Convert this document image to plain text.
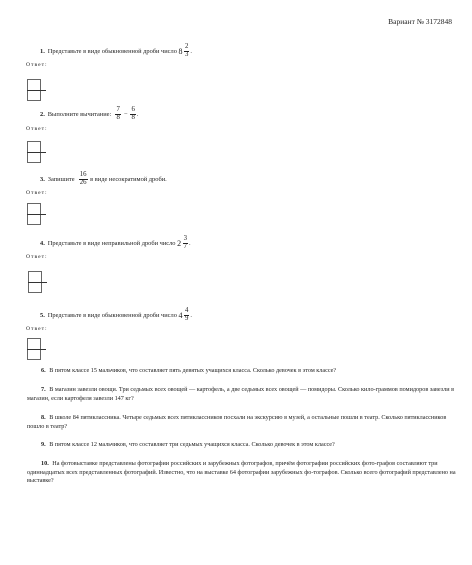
Вариант № 3172848
1. Представьте в виде обыкновенной дроби число
$8 \frac{2}{3}$ .
Ответ:
2. Выполните вычитание:
$\frac{7}{8} - \frac{6}{8}$ .
Ответ:
3. Запишите
$\frac{16}{26}$
в виде несократимой дроби.
Ответ:
4. Представьте в виде неправильной дроби число
$2 \frac{3}{7}$ .
Ответ:
5. Представьте в виде обыкновенной дроби число
$4 \frac{4}{9}$ .
Ответ:

6. В пятом классе 15 мальчиков, что составляет пять девятых учащихся класса. Сколько девочек в этом классе?

7. В магазин завезли овощи. Три седьмых всех овощей — картофель, а две седьмых всех овощей — помидоры. Сколько кило-граммов помидоров завезли в магазин, если картофеля завезли 147 кг?

8. В школе 84 пятиклассника. Четыре седьмых всех пятиклассников посхали на экскурсию в музей, а остальные пошли в театр. Сколько пятиклассников пошло в театр?

9. В пятом классе 12 мальчиков, что составляет три седьмых учащихся класса. Сколько девочек в этом классе?

10. На фотовыставке представлены фотографии российских и зарубежных фотографов, причём фотографии российских фото-графов составляют три одиннадцатых всех представленных фотографий. Известно, что на выставке 64 фотографии зарубежных фо-тографов. Сколько всего фотографий представлено на выставке?
